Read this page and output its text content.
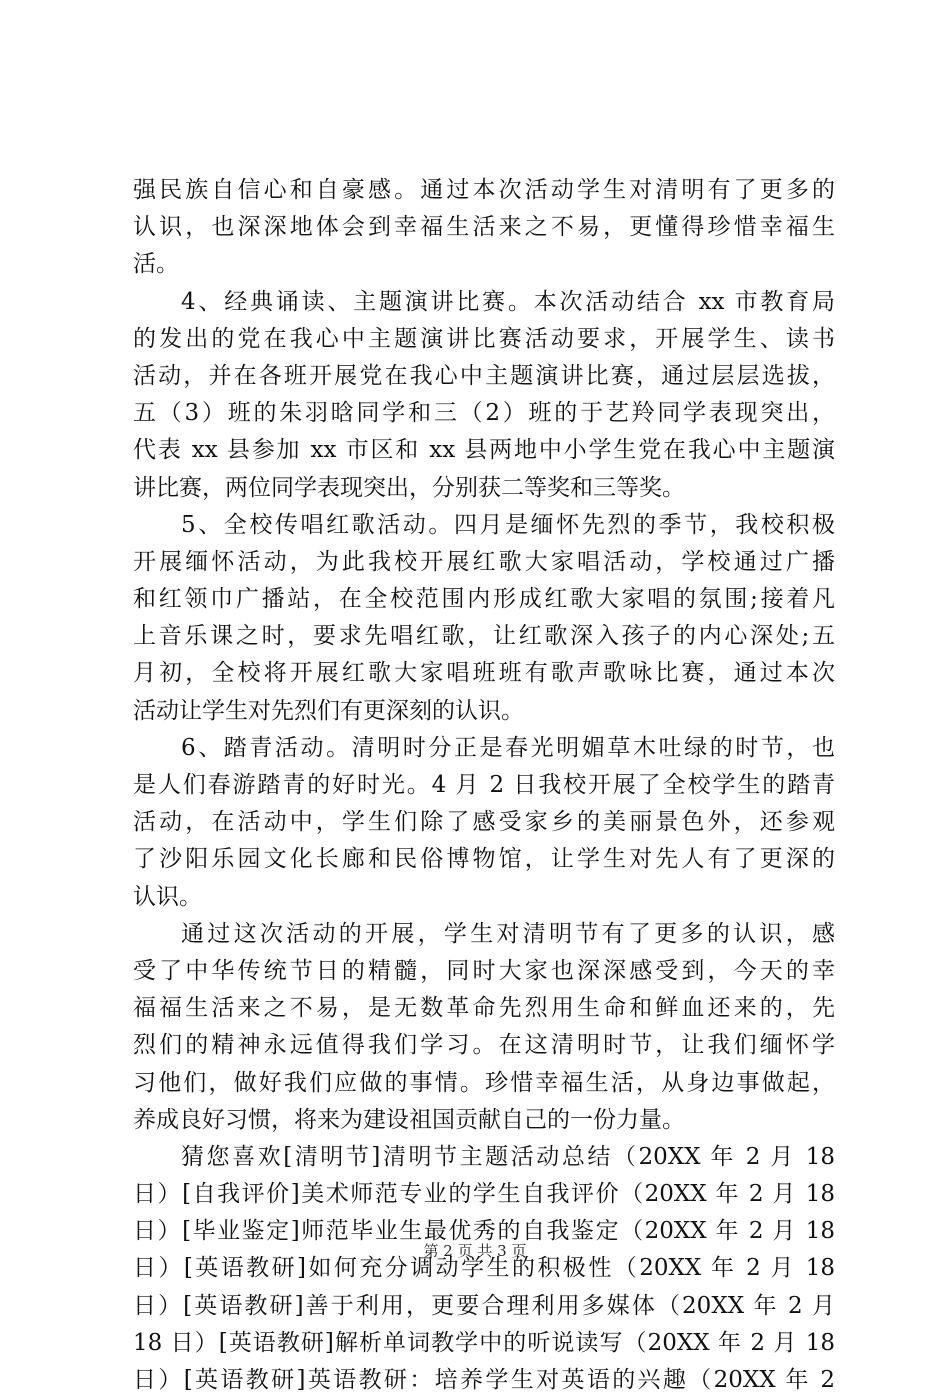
强民族自信心和自豪感。通过本次活动学生对清明有了更多的
认识，也深深地体会到幸福生活来之不易，更懂得珍惜幸福生
活。
4、经典诵读、主题演讲比赛。本次活动结合 xx 市教育局
的发出的党在我心中主题演讲比赛活动要求，开展学生、读书
活动，并在各班开展党在我心中主题演讲比赛，通过层层选拔，
五（3）班的朱羽晗同学和三（2）班的于艺羚同学表现突出，
代表 xx 县参加 xx 市区和 xx 县两地中小学生党在我心中主题演
讲比赛，两位同学表现突出，分别获二等奖和三等奖。
5、全校传唱红歌活动。四月是缅怀先烈的季节，我校积极
开展缅怀活动，为此我校开展红歌大家唱活动，学校通过广播
和红领巾广播站，在全校范围内形成红歌大家唱的氛围;接着凡
上音乐课之时，要求先唱红歌，让红歌深入孩子的内心深处;五
月初，全校将开展红歌大家唱班班有歌声歌咏比赛，通过本次
活动让学生对先烈们有更深刻的认识。
6、踏青活动。清明时分正是春光明媚草木吐绿的时节，也
是人们春游踏青的好时光。4 月 2 日我校开展了全校学生的踏青
活动，在活动中，学生们除了感受家乡的美丽景色外，还参观
了沙阳乐园文化长廊和民俗博物馆，让学生对先人有了更深的
认识。
通过这次活动的开展，学生对清明节有了更多的认识，感
受了中华传统节日的精髓，同时大家也深深感受到，今天的幸
福福生活来之不易，是无数革命先烈用生命和鲜血还来的，先
烈们的精神永远值得我们学习。在这清明时节，让我们缅怀学
习他们，做好我们应做的事情。珍惜幸福生活，从身边事做起，
养成良好习惯，将来为建设祖国贡献自己的一份力量。
猜您喜欢[清明节]清明节主题活动总结（20XX 年 2 月 18
日）[自我评价]美术师范专业的学生自我评价（20XX 年 2 月 18
日）[毕业鉴定]师范毕业生最优秀的自我鉴定（20XX 年 2 月 18
日）[英语教研]如何充分调动学生的积极性（20XX 年 2 月 18
日）[英语教研]善于利用，更要合理利用多媒体（20XX 年 2 月
18 日）[英语教研]解析单词教学中的听说读写（20XX 年 2 月 18
日）[英语教研]英语教研：培养学生对英语的兴趣（20XX 年 2
第 2 页 共 3 页
